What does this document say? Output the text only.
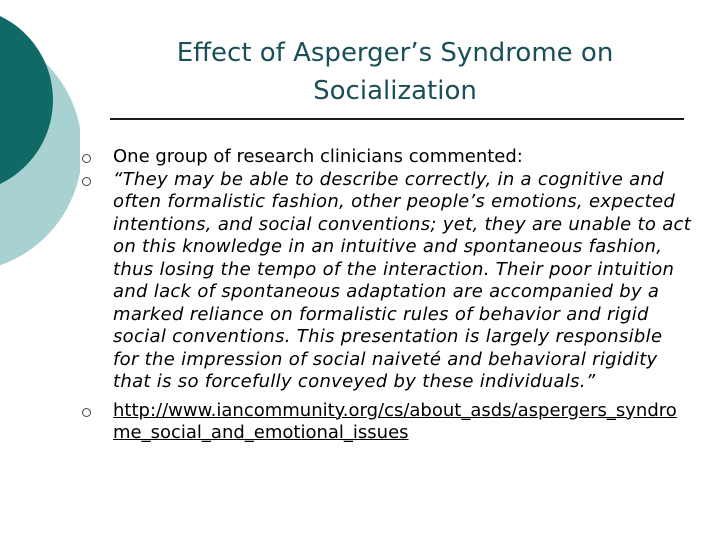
Effect of Asperger’s Syndrome on
Socialization
One group of research clinicians commented:
“They may be able to describe correctly, in a cognitive and often formalistic fashion, other people’s emotions, expected intentions, and social conventions; yet, they are unable to act on this knowledge in an intuitive and spontaneous fashion, thus losing the tempo of the interaction. Their poor intuition and lack of spontaneous adaptation are accompanied by a marked reliance on formalistic rules of behavior and rigid social conventions. This presentation is largely responsible for the impression of social naiveté and behavioral rigidity that is so forcefully conveyed by these individuals.”
http://www.iancommunity.org/cs/about_asds/aspergers_syndrome_social_and_emotional_issues
